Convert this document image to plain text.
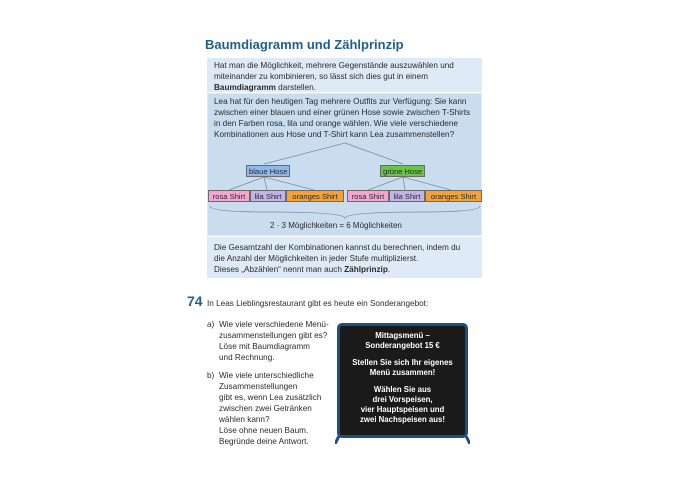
Baumdiagramm und Zählprinzip
Hat man die Möglichkeit, mehrere Gegenstände auszuwählen und
miteinander zu kombinieren, so lässt sich dies gut in einem
Baumdiagramm darstellen.
Lea hat für den heutigen Tag mehrere Outfits zur Verfügung: Sie kann
zwischen einer blauen und einer grünen Hose sowie zwischen T-Shirts
in den Farben rosa, lila und orange wählen. Wie viele verschiedene
Kombinationen aus Hose und T-Shirt kann Lea zusammenstellen?
blaue Hose	grüne Hose
rosa Shirt	lila Shirt	oranges Shirt	rosa Shirt	lila Shirt	oranges Shirt
2 · 3 Möglichkeiten = 6 Möglichkeiten
Die Gesamtzahl der Kombinationen kannst du berechnen, indem du
die Anzahl der Möglichkeiten in jeder Stufe multiplizierst.
Dieses „Abzählen“ nennt man auch Zählprinzip.
74 In Leas Lieblingsrestaurant gibt es heute ein Sonderangebot:
a) Wie viele verschiedene Menü-
zusammenstellungen gibt es?
Löse mit Baumdiagramm
und Rechnung.
b) Wie viele unterschiedliche
Zusammenstellungen
gibt es, wenn Lea zusätzlich
zwischen zwei Getränken
wählen kann?
Löse ohne neuen Baum.
Begründe deine Antwort.
Mittagsmenü –
Sonderangebot 15 €
Stellen Sie sich Ihr eigenes
Menü zusammen!
Wählen Sie aus
drei Vorspeisen,
vier Hauptspeisen und
zwei Nachspeisen aus!
